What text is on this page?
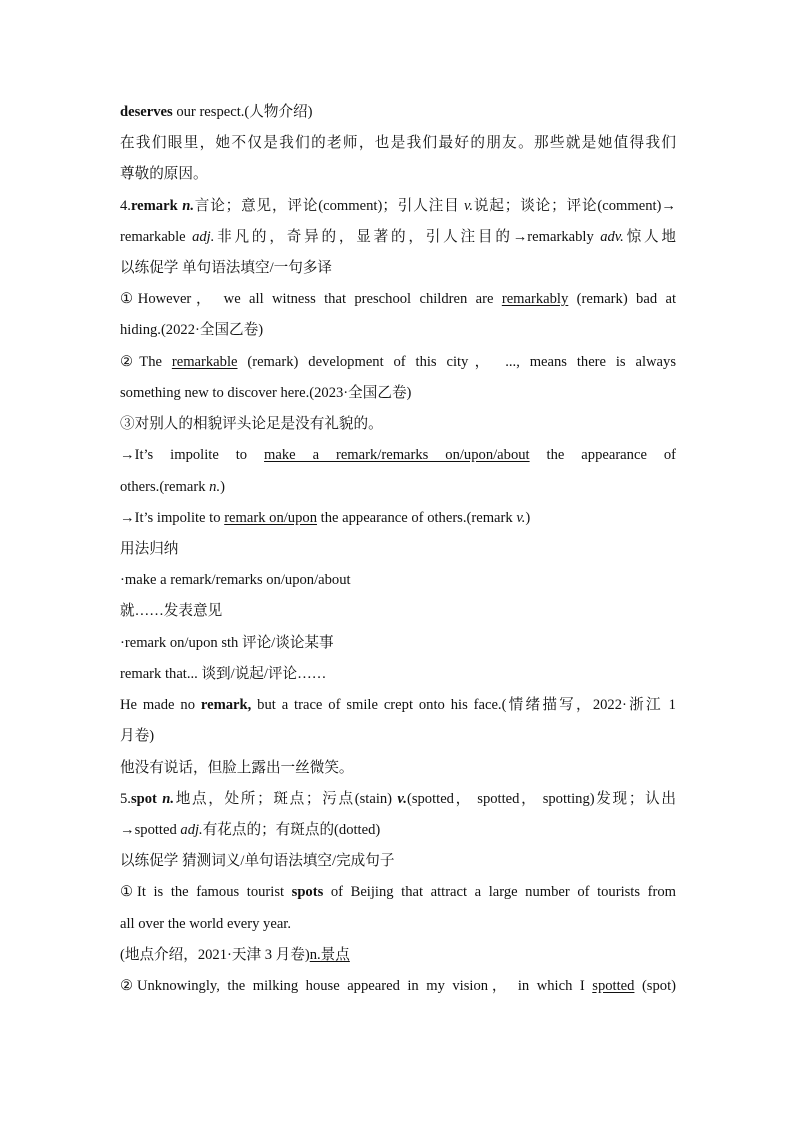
deserves our respect.(人物介绍)
在我们眼里，她不仅是我们的老师，也是我们最好的朋友。那些就是她值得我们
尊敬的原因。
4.remark n.言论；意见，评论(comment)；引人注目 v.说起；谈论；评论(comment)→
remarkable adj.非凡的，奇异的，显著的，引人注目的→remarkably adv.惊人地
以练促学 单句语法填空/一句多译
①However， we all witness that preschool children are remarkably (remark) bad at
hiding.(2022·全国乙卷)
②The remarkable (remark) development of this city， ..., means there is always
something new to discover here.(2023·全国乙卷)
③对别人的相貌评头论足是没有礼貌的。
→It’s impolite to make a remark/remarks on/upon/about the appearance of
others.(remark n.)
→It’s impolite to remark on/upon the appearance of others.(remark v.)
用法归纳
·make a remark/remarks on/upon/about
就……发表意见
·remark on/upon sth 评论/谈论某事
remark that... 谈到/说起/评论……
He made no remark, but a trace of smile crept onto his face.(情绪描写，2022·浙江 1
月卷)
他没有说话，但脸上露出一丝微笑。
5.spot n.地点，处所；斑点；污点(stain) v.(spotted， spotted， spotting)发现；认出
→spotted adj.有花点的；有斑点的(dotted)
以练促学 猜测词义/单句语法填空/完成句子
①It is the famous tourist spots of Beijing that attract a large number of tourists from
all over the world every year.
(地点介绍，2021·天津 3 月卷)n.景点
②Unknowingly, the milking house appeared in my vision， in which I spotted (spot)
